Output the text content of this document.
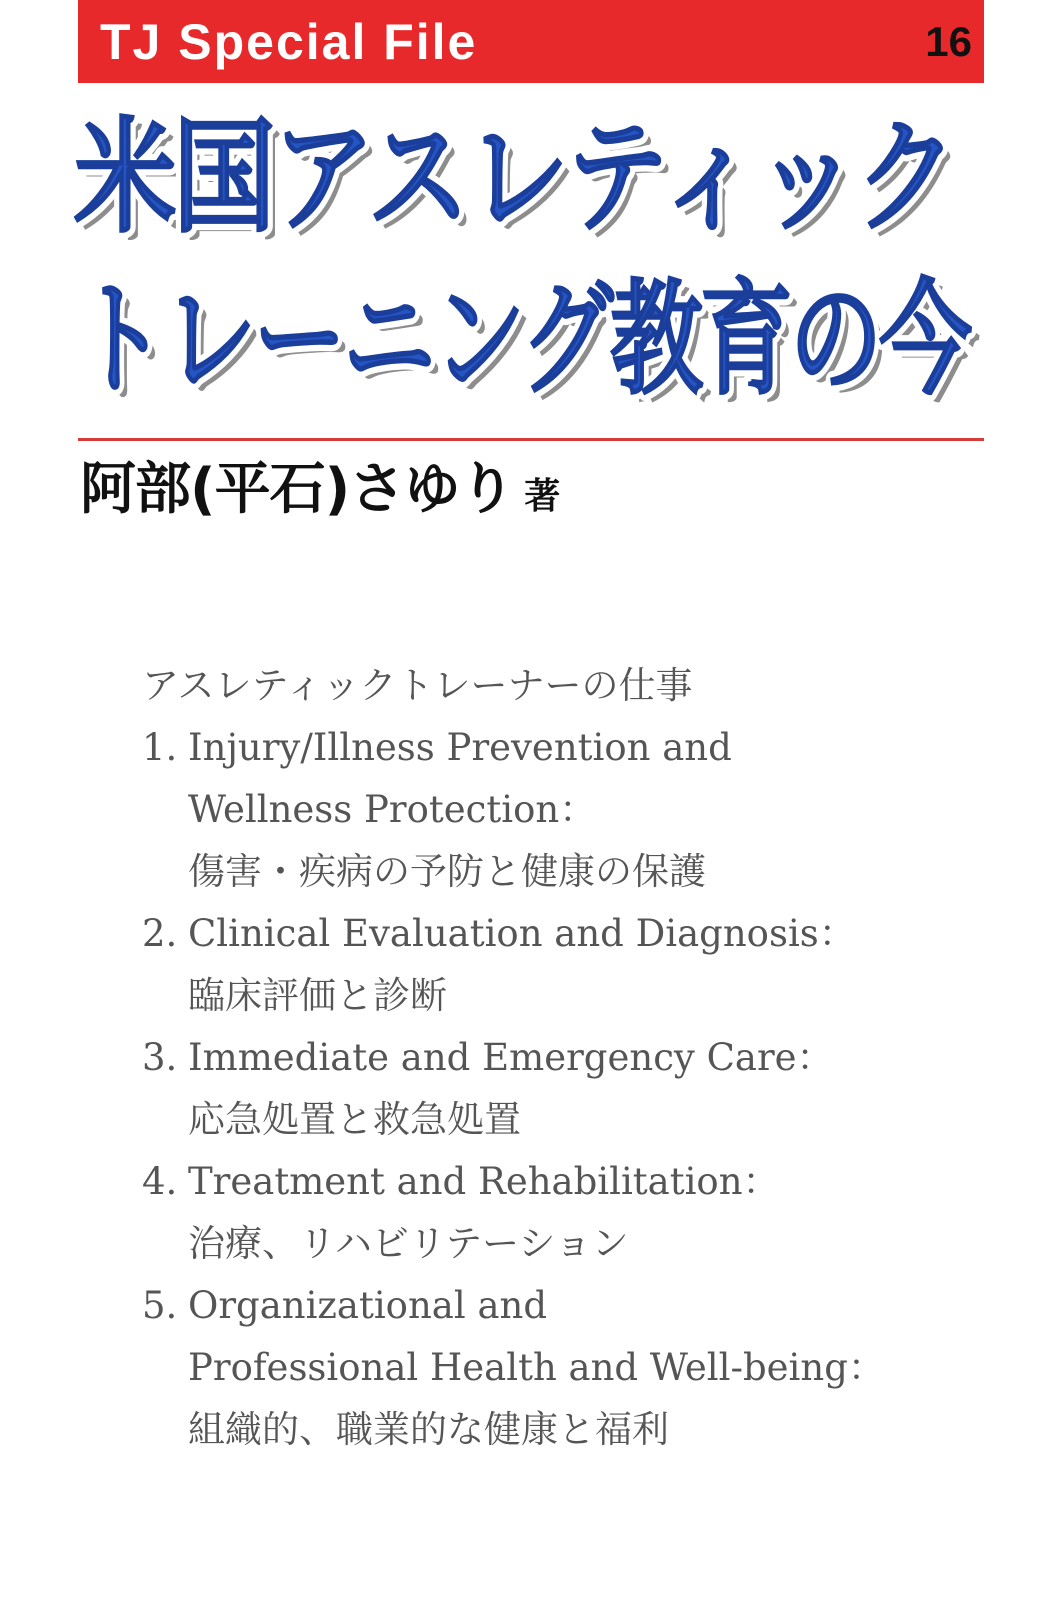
TJ Special File	16
米国アスレティック
米国アスレティック
米国アスレティック
トレーニング教育の今
トレーニング教育の今
トレーニング教育の今
阿部(平石)さゆり 著

アスレティックトレーナーの仕事

1. Injury/Illness Prevention and
Wellness Protection：
傷害・疾病の予防と健康の保護
2. Clinical Evaluation and Diagnosis：
臨床評価と診断
3. Immediate and Emergency Care：
応急処置と救急処置
4. Treatment and Rehabilitation：
治療、リハビリテーション
5. Organizational and
Professional Health and Well-being：
組織的、職業的な健康と福利
